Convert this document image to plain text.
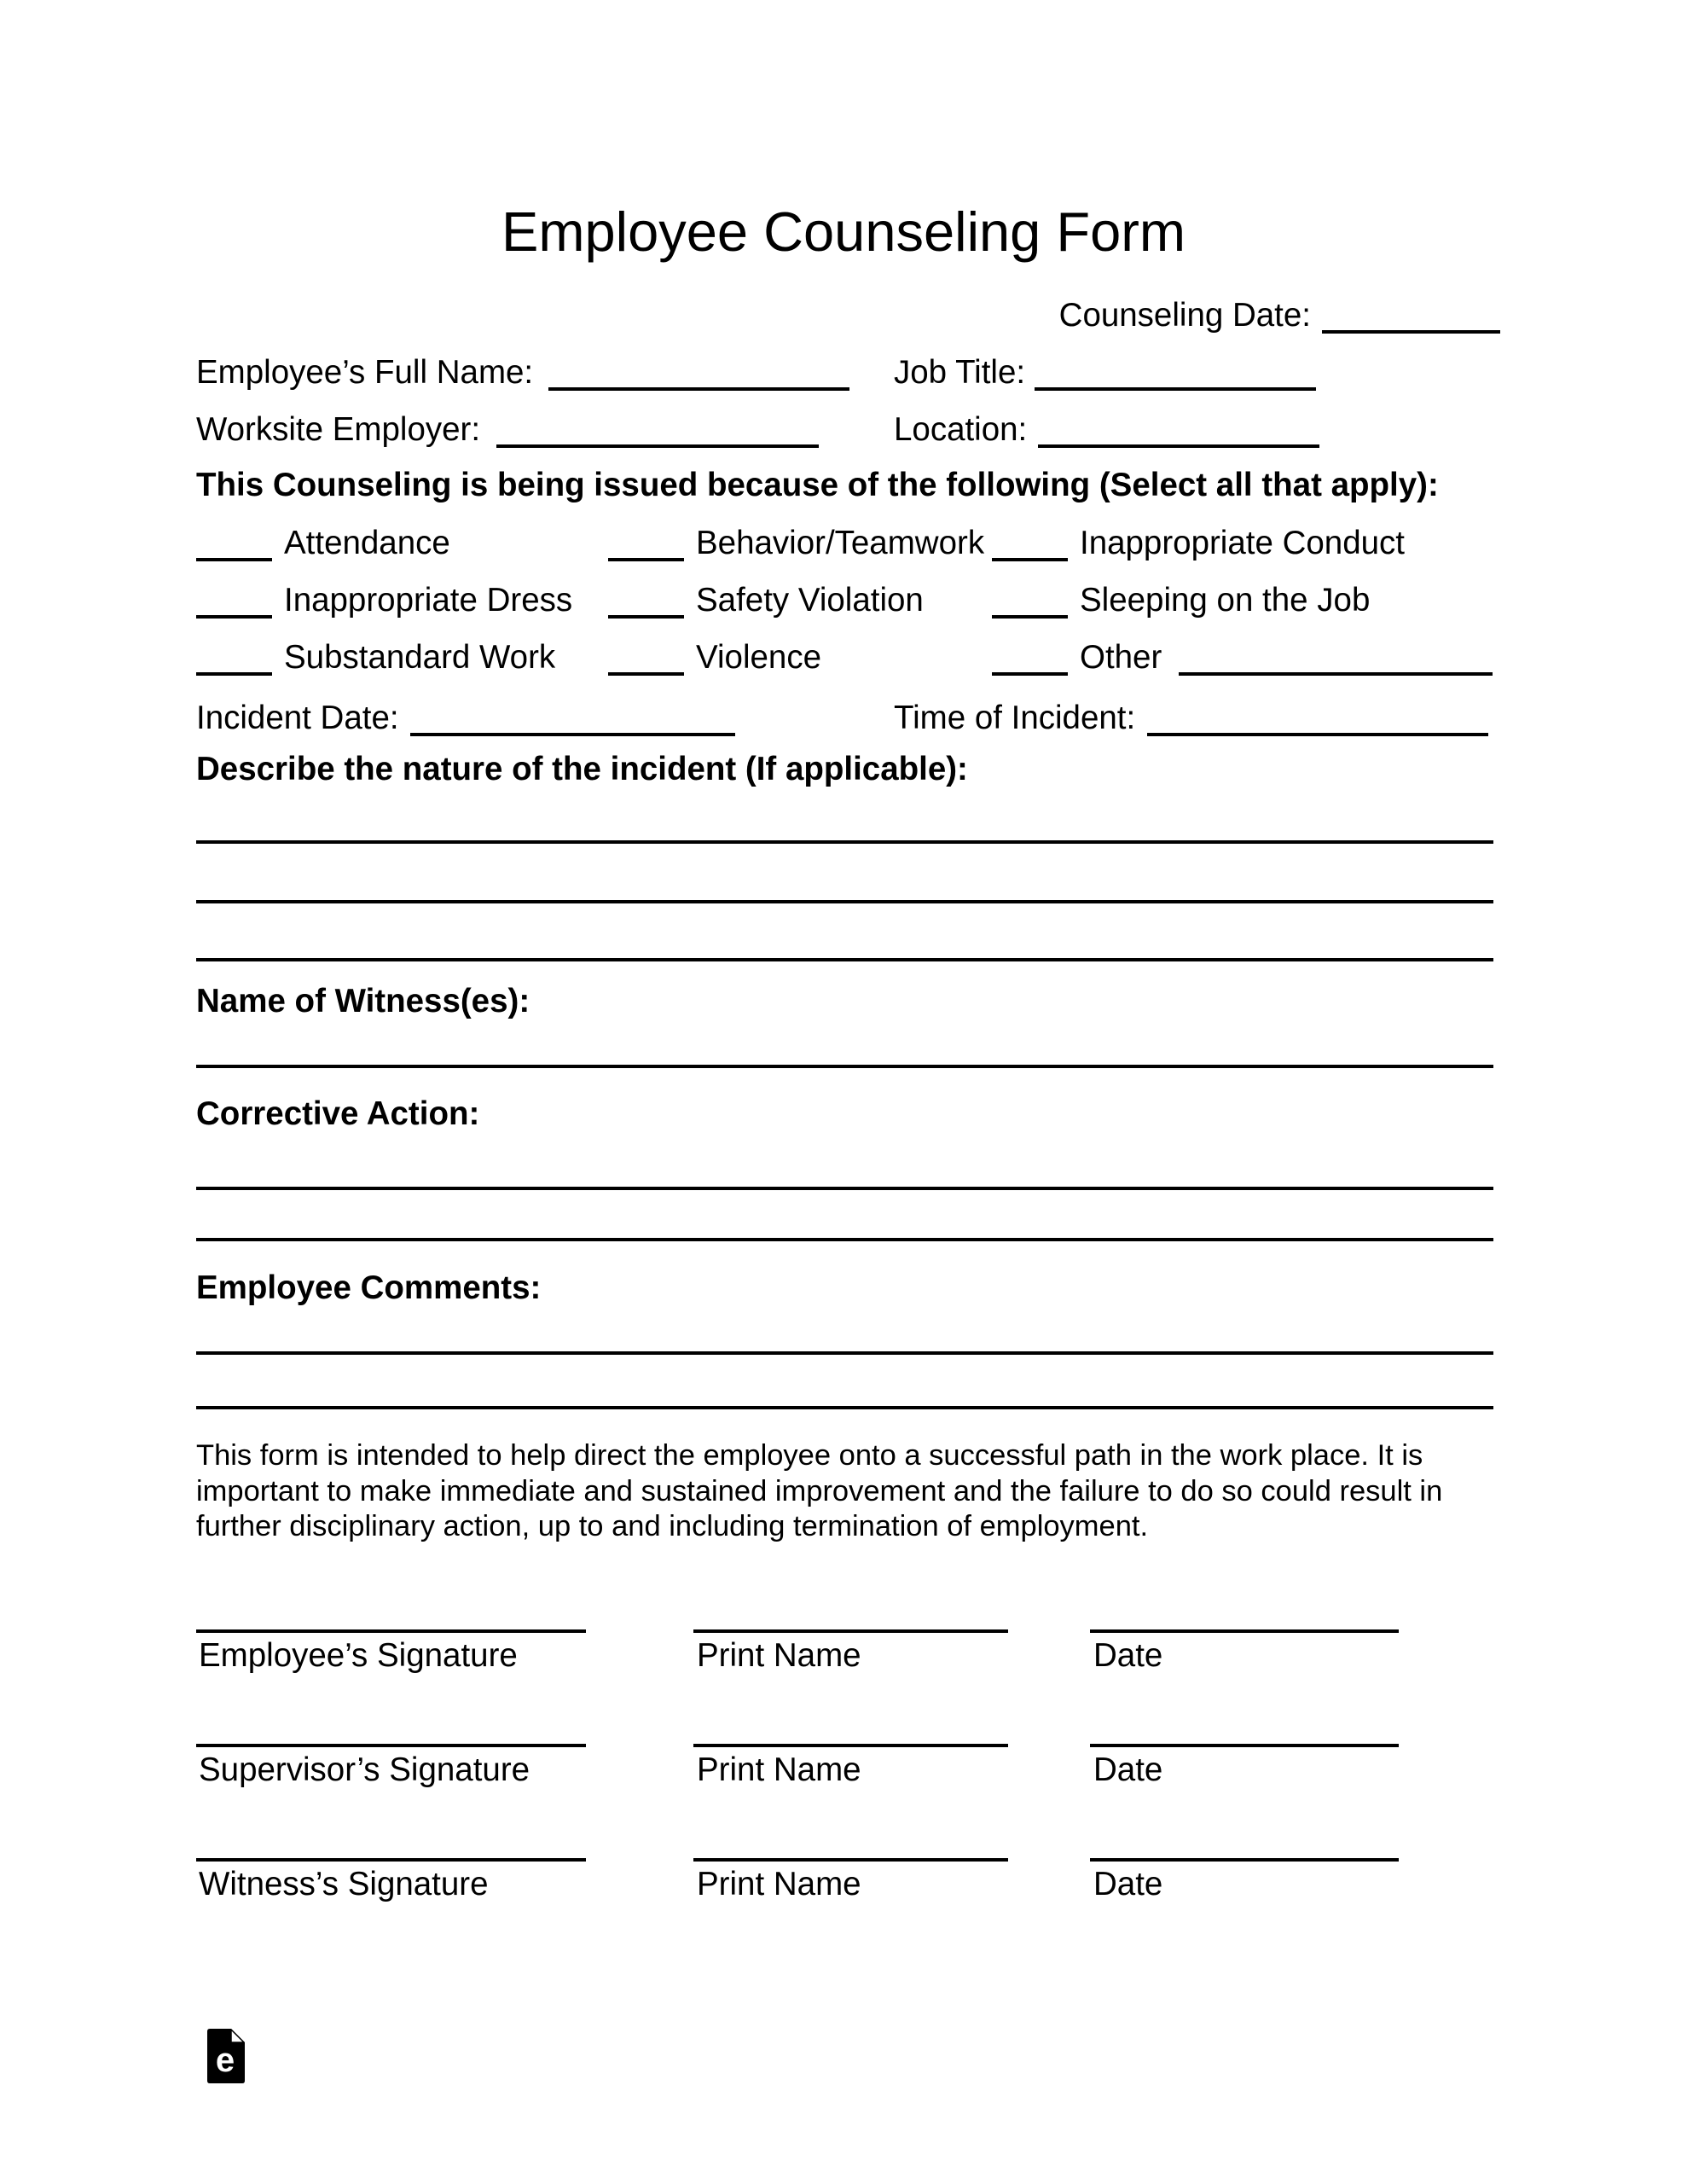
Employee Counseling Form
Counseling Date:
Employee’s Full Name:	Job Title:
Worksite Employer:	Location:
This Counseling is being issued because of the following (Select all that apply):
Attendance	Behavior/Teamwork	Inappropriate Conduct
Inappropriate Dress	Safety Violation	Sleeping on the Job
Substandard Work	Violence	Other
Incident Date:	Time of Incident:
Describe the nature of the incident (If applicable):
Name of Witness(es):
Corrective Action:
Employee Comments:
This form is intended to help direct the employee onto a successful path in the work place. It is important to make immediate and sustained improvement and the failure to do so could result in further disciplinary action, up to and including termination of employment.
Employee’s Signature	Print Name	Date
Supervisor’s Signature	Print Name	Date
Witness’s Signature	Print Name	Date
e
